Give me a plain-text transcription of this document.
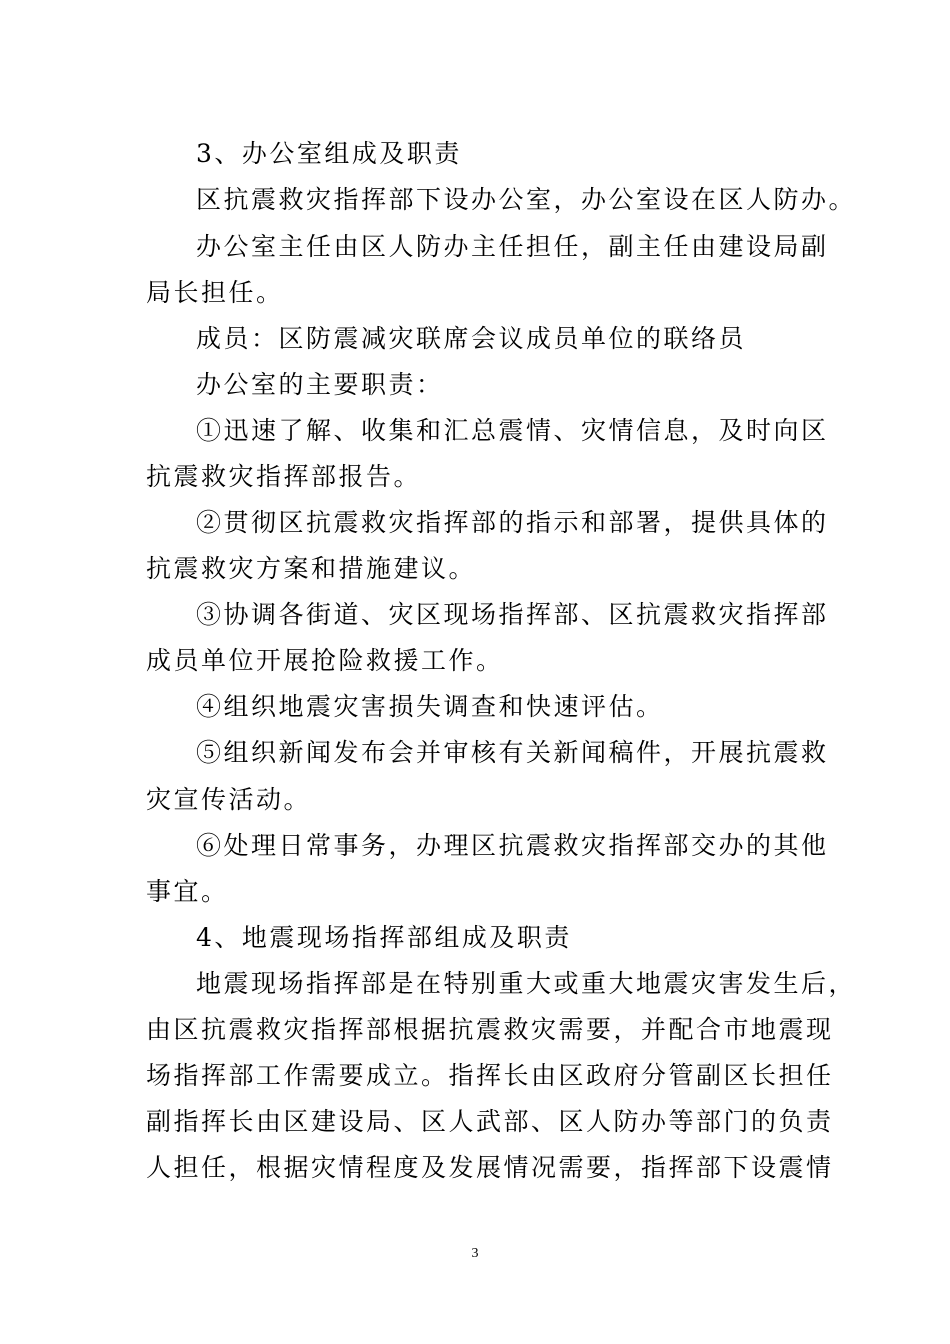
3、办公室组成及职责
区抗震救灾指挥部下设办公室，办公室设在区人防办。
办公室主任由区人防办主任担任，副主任由建设局副
局长担任。
成员：区防震减灾联席会议成员单位的联络员
办公室的主要职责：
①迅速了解、收集和汇总震情、灾情信息，及时向区
抗震救灾指挥部报告。
②贯彻区抗震救灾指挥部的指示和部署，提供具体的
抗震救灾方案和措施建议。
③协调各街道、灾区现场指挥部、区抗震救灾指挥部
成员单位开展抢险救援工作。
④组织地震灾害损失调查和快速评估。
⑤组织新闻发布会并审核有关新闻稿件，开展抗震救
灾宣传活动。
⑥处理日常事务，办理区抗震救灾指挥部交办的其他
事宜。
4、地震现场指挥部组成及职责
地震现场指挥部是在特别重大或重大地震灾害发生后，
由区抗震救灾指挥部根据抗震救灾需要，并配合市地震现
场指挥部工作需要成立。指挥长由区政府分管副区长担任
副指挥长由区建设局、区人武部、区人防办等部门的负责
人担任，根据灾情程度及发展情况需要，指挥部下设震情
3
